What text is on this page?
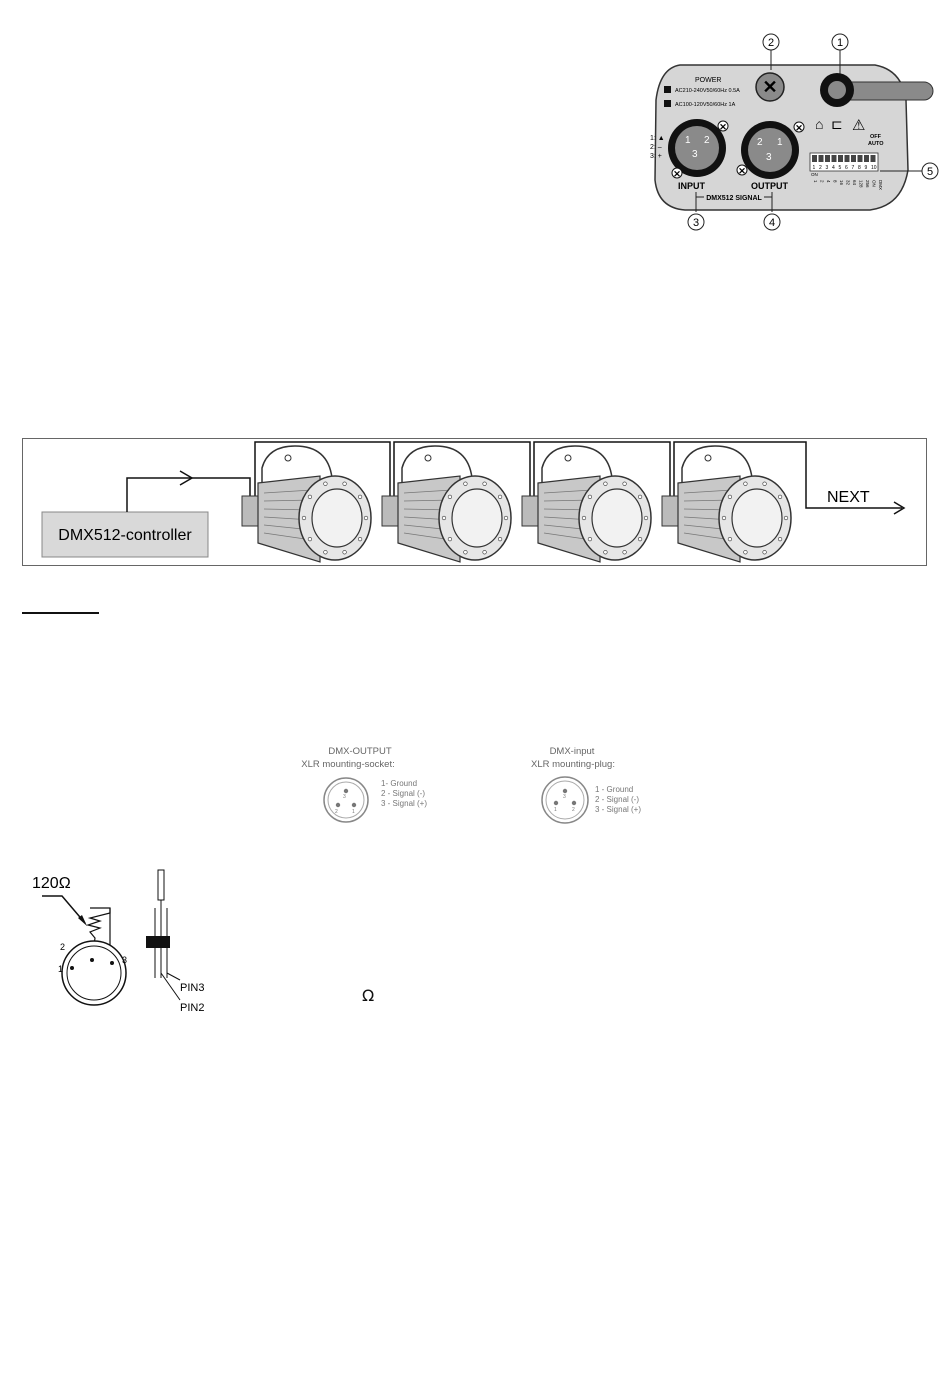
2	1
✕
POWER
AC210-240V50/60Hz 0.5A
AC100-120V50/60Hz 1A
1: ▲
2: –
3: +
1 2
3
✕
✕
2 1
3
✕
✕
INPUT	OUTPUT
DMX512 SIGNAL
⌂ ⊏ ⚠
OFF
AUTO
1 2 3 4 5 6 7 8 9 10
ON
1 2 4 8 16 32 64 128 256 ON DMX
5
3	4
DMX512-controller
NEXT
DMX-OUTPUT
XLR mounting-socket:
3
2	1
1- Ground
2 - Signal (-)
3 - Signal (+)
DMX-input
XLR mounting-plug:
3
1	2
1 - Ground
2 - Signal (-)
3 - Signal (+)
120Ω
2
1
3
PIN3
PIN2
Ω
